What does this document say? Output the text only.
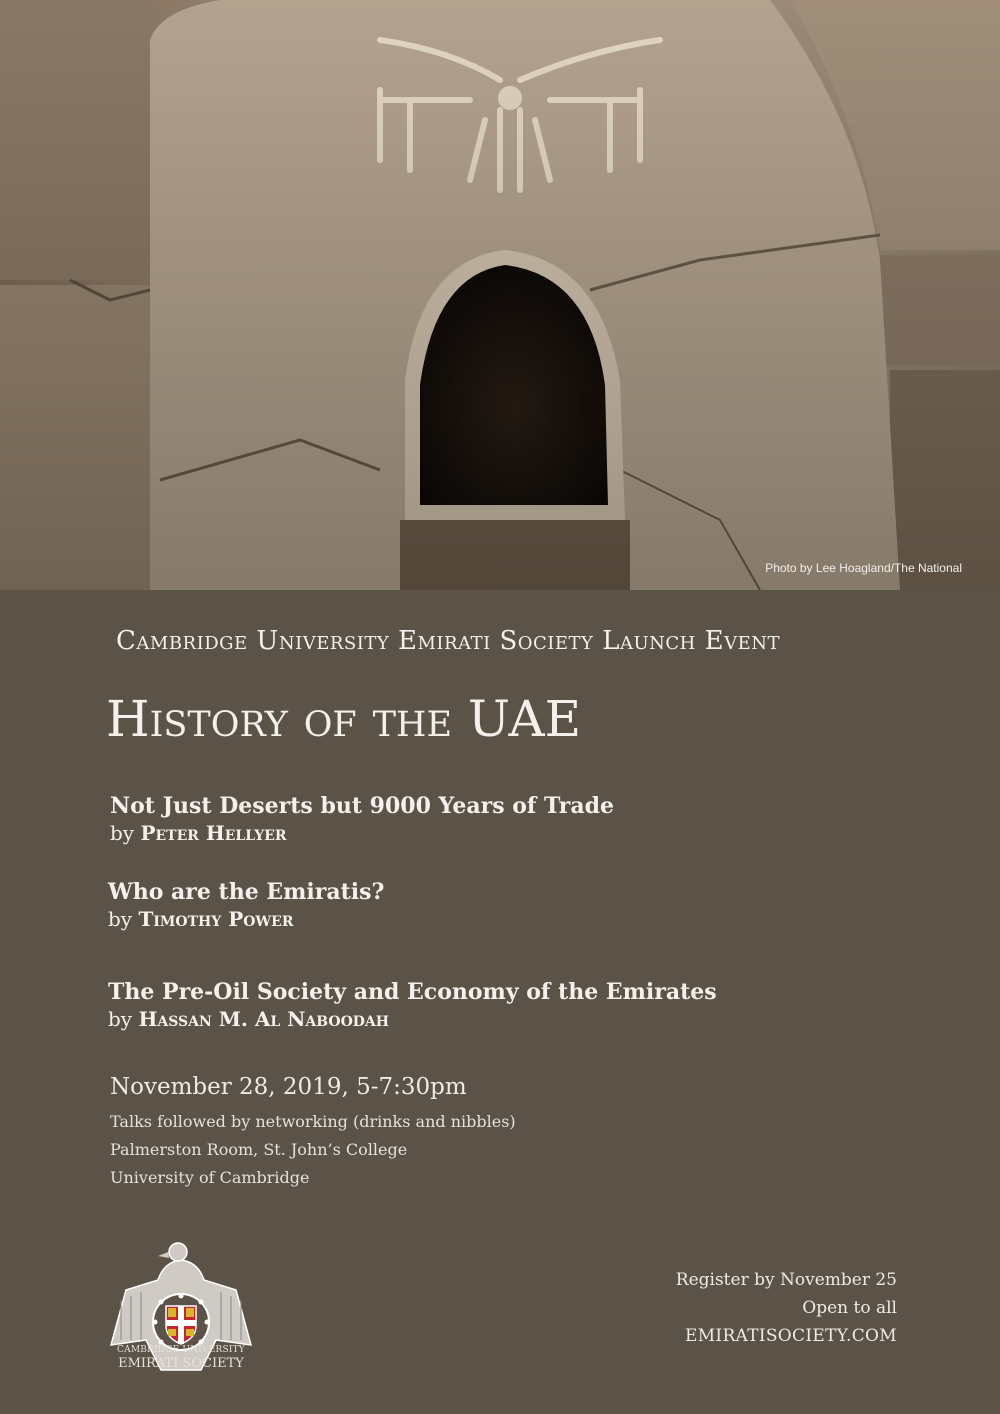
Photo by Lee Hoagland/The National
Cambridge University Emirati Society Launch Event
History of the UAE
Not Just Deserts but 9000 Years of Trade
by Peter Hellyer
Who are the Emiratis?
by Timothy Power
The Pre-Oil Society and Economy of the Emirates
by Hassan M. Al Naboodah
November 28, 2019, 5-7:30pm
Talks followed by networking (drinks and nibbles)
Palmerston Room, St. John’s College
University of Cambridge
CAMBRIDGE UNIVERSITY
EMIRATI SOCIETY
Register by November 25
Open to all
EMIRATISOCIETY.COM
